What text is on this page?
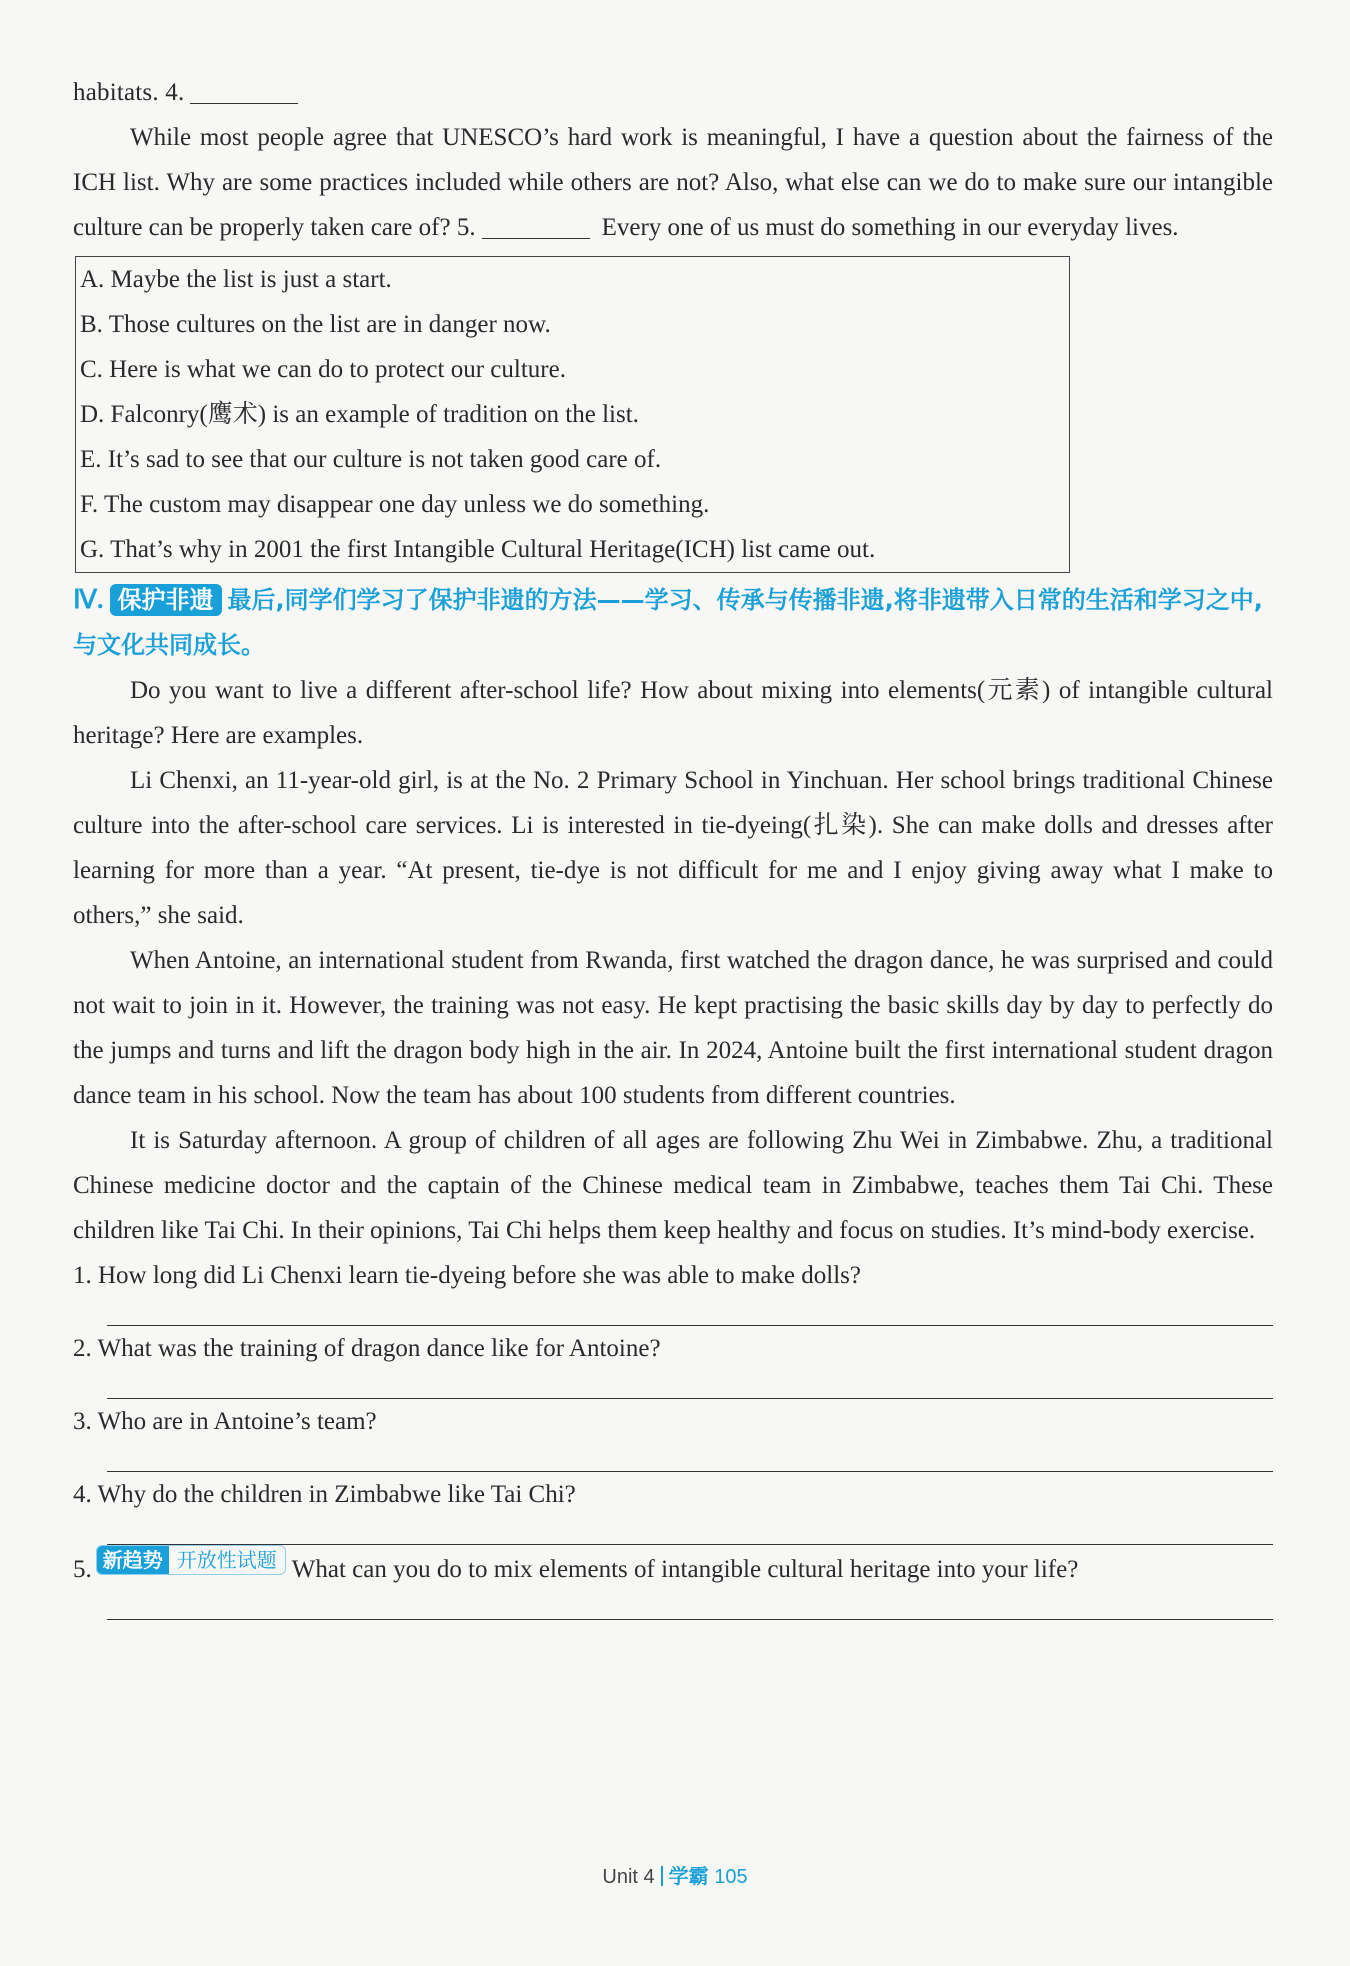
habitats. 4.

While most people agree that UNESCO’s hard work is meaningful, I have a question about the fairness of the ICH list. Why are some practices included while others are not? Also, what else can we do to make sure our intangible culture can be properly taken care of? 5.	Every one of us must do something in our everyday lives.

A. Maybe the list is just a start.
B. Those cultures on the list are in danger now.
C. Here is what we can do to protect our culture.
D. Falconry(鹰术) is an example of tradition on the list.
E. It’s sad to see that our culture is not taken good care of.
F. The custom may disappear one day unless we do something.
G. That’s why in 2001 the first Intangible Cultural Heritage(ICH) list came out.
Ⅳ. 保护非遗 最后,同学们学习了保护非遗的方法——学习、传承与传播非遗,将非遗带入日常的生活和学习之中,与文化共同成长。

Do you want to live a different after-school life? How about mixing into elements(元素) of intangible cultural heritage? Here are examples.

Li Chenxi, an 11-year-old girl, is at the No. 2 Primary School in Yinchuan. Her school brings traditional Chinese culture into the after-school care services. Li is interested in tie-dyeing(扎染). She can make dolls and dresses after learning for more than a year. “At present, tie-dye is not difficult for me and I enjoy giving away what I make to others,” she said.

When Antoine, an international student from Rwanda, first watched the dragon dance, he was surprised and could not wait to join in it. However, the training was not easy. He kept practising the basic skills day by day to perfectly do the jumps and turns and lift the dragon body high in the air. In 2024, Antoine built the first international student dragon dance team in his school. Now the team has about 100 students from different countries.

It is Saturday afternoon. A group of children of all ages are following Zhu Wei in Zimbabwe. Zhu, a traditional Chinese medicine doctor and the captain of the Chinese medical team in Zimbabwe, teaches them Tai Chi. These children like Tai Chi. In their opinions, Tai Chi helps them keep healthy and focus on studies. It’s mind-body exercise.

1. How long did Li Chenxi learn tie-dyeing before she was able to make dolls?
2. What was the training of dragon dance like for Antoine?
3. Who are in Antoine’s team?
4. Why do the children in Zimbabwe like Tai Chi?
5. 新趋势 开放性试题 What can you do to mix elements of intangible cultural heritage into your life?
Unit 4 学霸 105
